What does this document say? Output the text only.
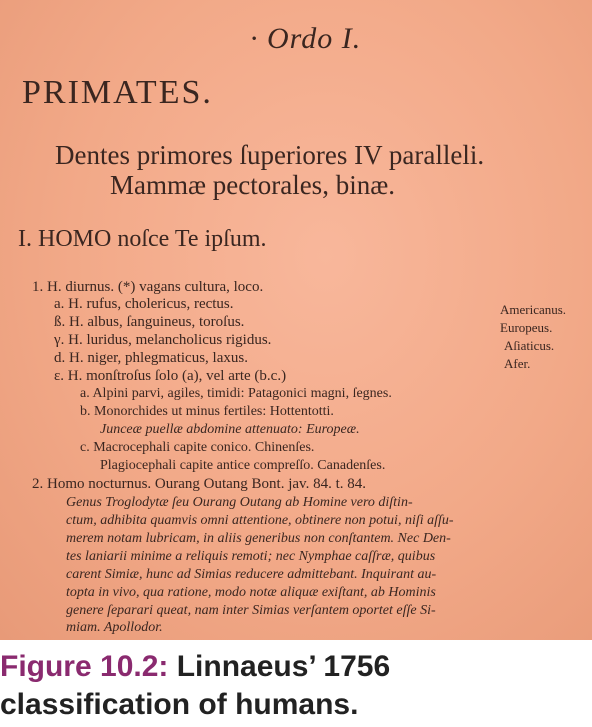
· Ordo I.
PRIMATES.
Dentes primores ſuperiores IV paralleli.
Mammæ pectorales, binæ.
I. HOMO noſce Te ipſum.
1. H. diurnus. (*) vagans cultura, loco.
a. H. rufus, cholericus, rectus.
ß. H. albus, ſanguineus, toroſus.
γ. H. luridus, melancholicus rigidus.
d. H. niger, phlegmaticus, laxus.
ε. H. monſtroſus ſolo (a), vel arte (b.c.)
a. Alpini parvi, agiles, timidi: Patagonici magni, ſegnes.
b. Monorchides ut minus fertiles: Hottentotti.
Junceæ puellæ abdomine attenuato: Europeæ.
c. Macrocephali capite conico. Chinenſes.
Plagiocephali capite antice compreſſo. Canadenſes.
2. Homo nocturnus. Ourang Outang Bont. jav. 84. t. 84.
Genus Troglodytæ ſeu Ourang Outang ab Homine vero diſtin-
ctum, adhibita quamvis omni attentione, obtinere non potui, niſi aſſu-
merem notam lubricam, in aliis generibus non conſtantem. Nec Den-
tes laniarii minime a reliquis remoti; nec Nymphae caſſræ, quibus
carent Simiæ, hunc ad Simias reducere admittebant. Inquirant au-
topta in vivo, qua ratione, modo notæ aliquæ exiſtant, ab Hominis
genere ſeparari queat, nam inter Simias verſantem oportet eſſe Si-
miam. Apollodor.
Americanus.
Europeus.
Aſiaticus.
Afer.
Figure 10.2: Linnaeus’ 1756
classification of humans.
